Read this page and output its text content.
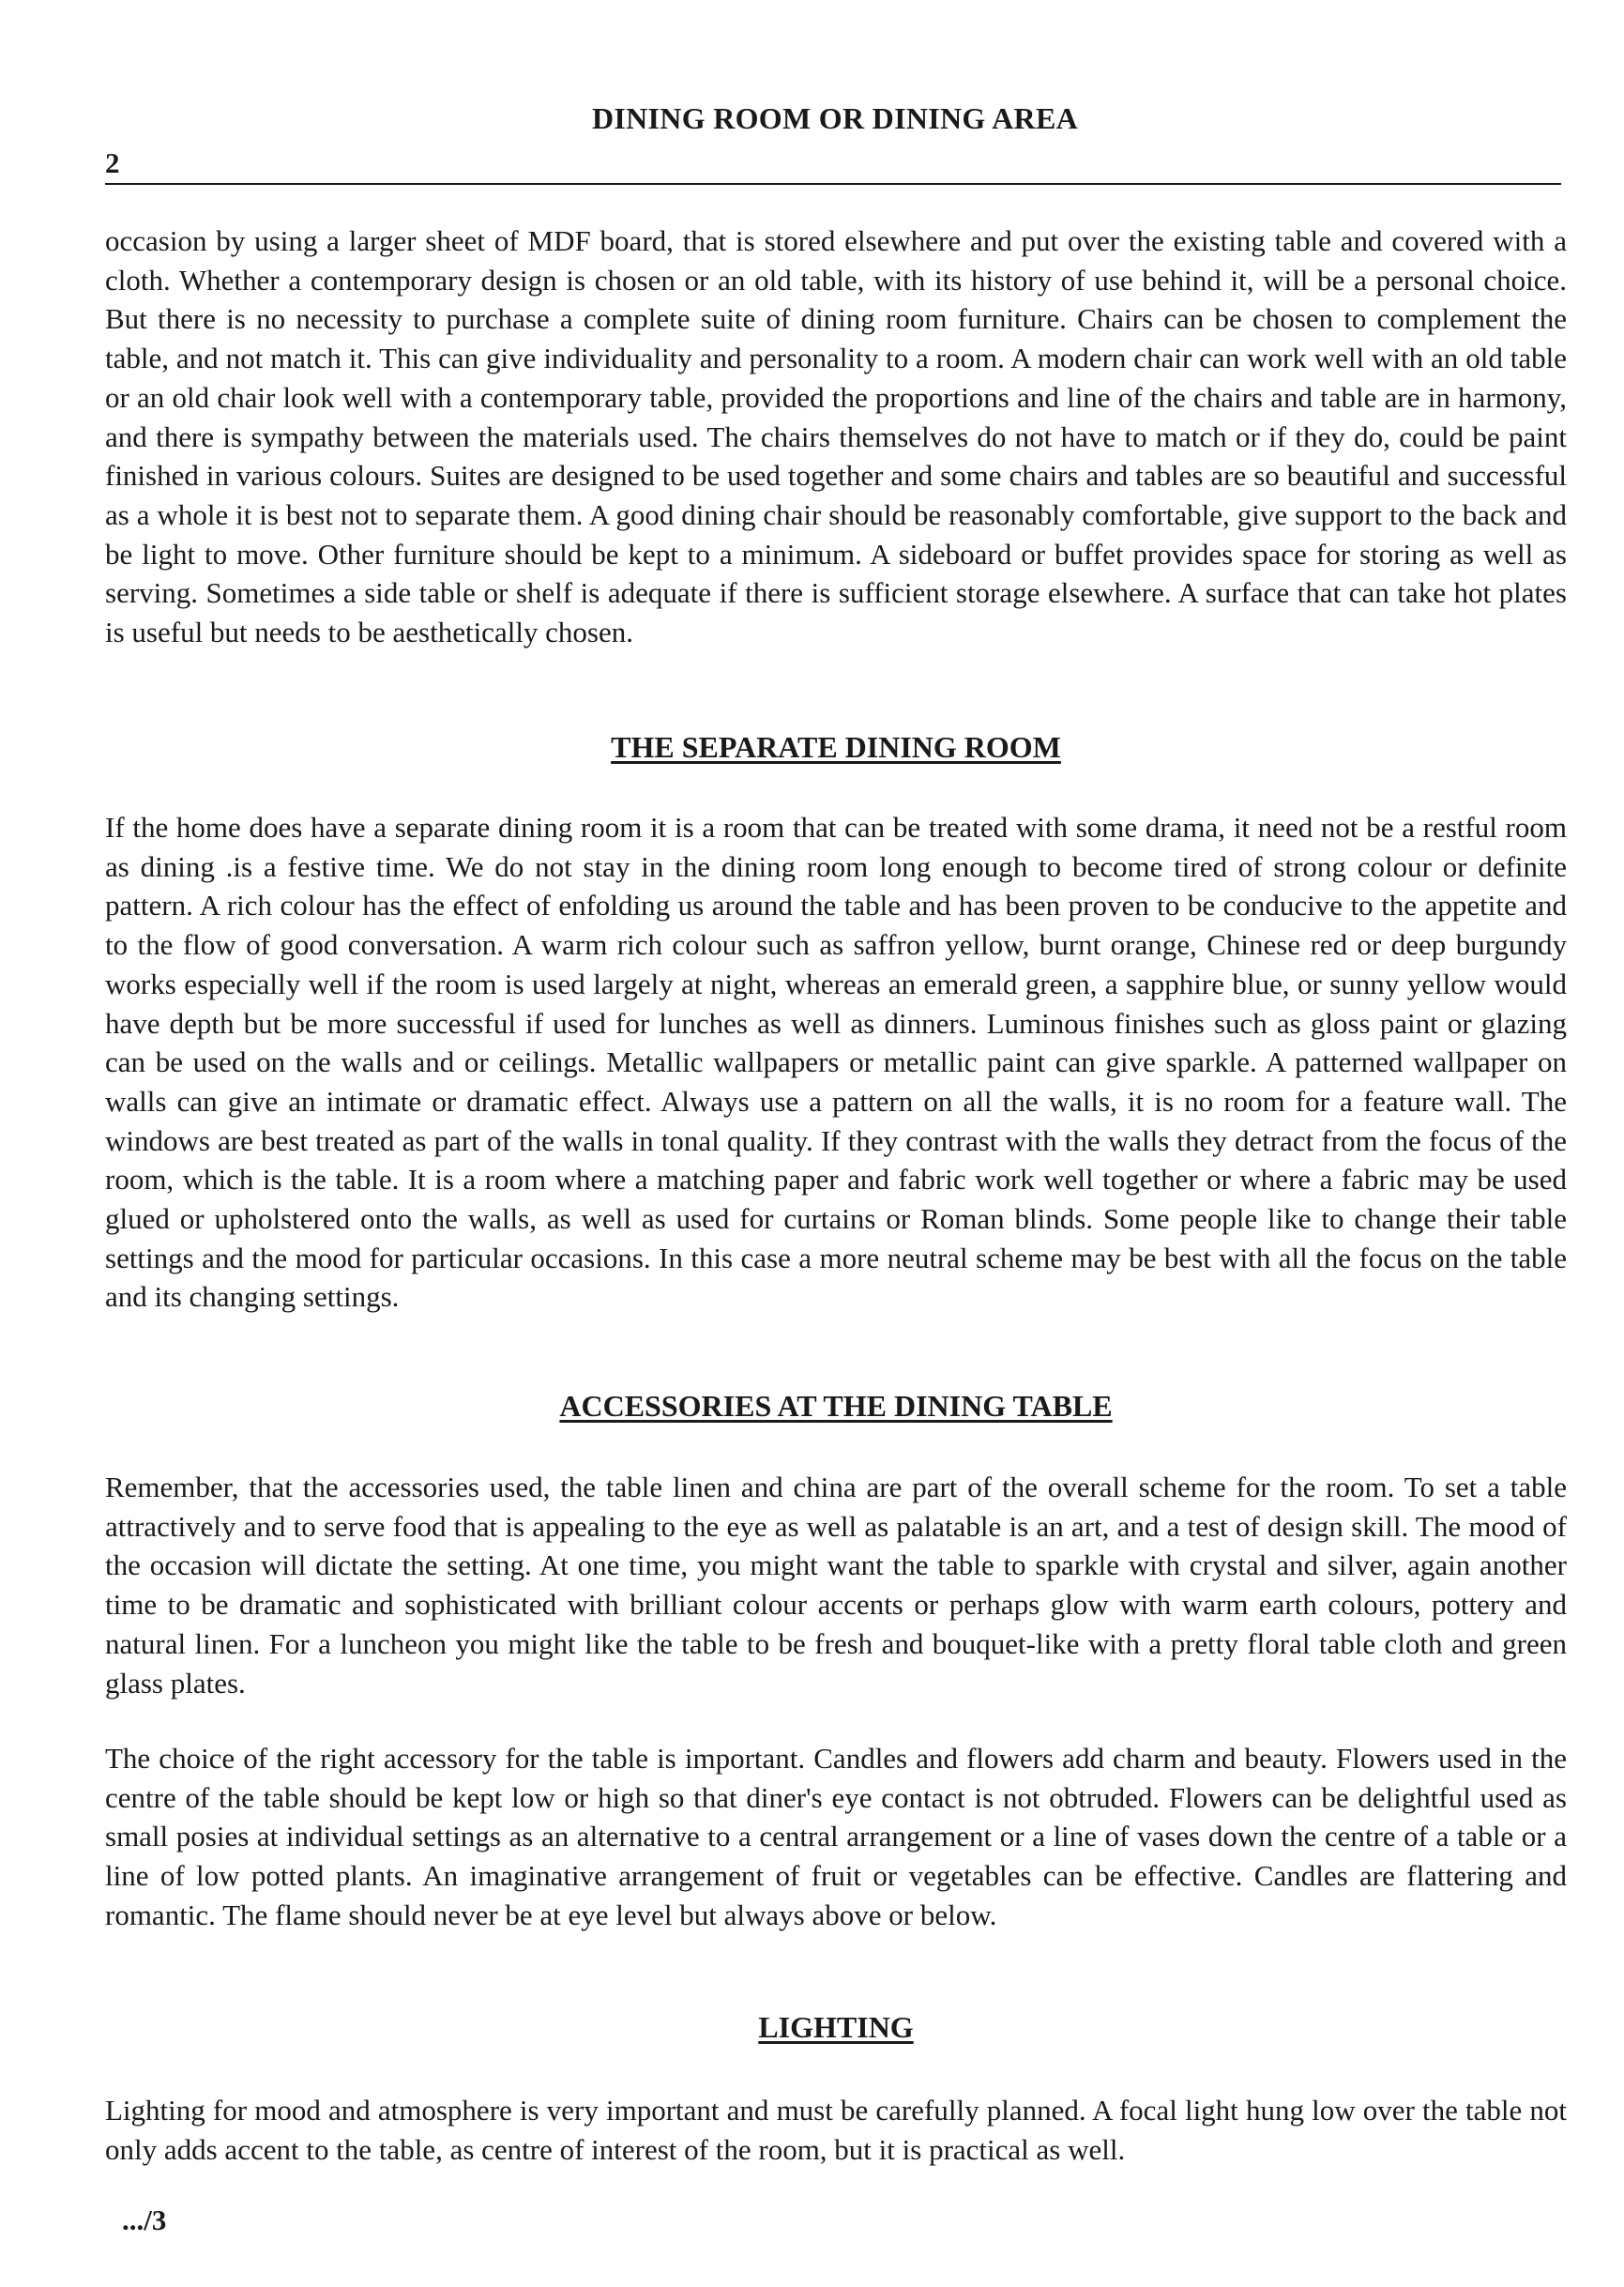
DINING ROOM OR DINING AREA
2

occasion by using a larger sheet of MDF board, that is stored elsewhere and put over the existing table and covered with a cloth. Whether a contemporary design is chosen or an old table, with its history of use behind it, will be a personal choice. But there is no necessity to purchase a complete suite of dining room furniture. Chairs can be chosen to complement the table, and not match it. This can give individuality and personality to a room. A modern chair can work well with an old table or an old chair look well with a contemporary table, provided the proportions and line of the chairs and table are in harmony, and there is sympathy between the materials used. The chairs themselves do not have to match or if they do, could be paint finished in various colours. Suites are designed to be used together and some chairs and tables are so beautiful and successful as a whole it is best not to separate them. A good dining chair should be reasonably comfortable, give support to the back and be light to move. Other furniture should be kept to a minimum. A sideboard or buffet provides space for storing as well as serving. Sometimes a side table or shelf is adequate if there is sufficient storage elsewhere. A surface that can take hot plates is useful but needs to be aesthetically chosen.

THE SEPARATE DINING ROOM

If the home does have a separate dining room it is a room that can be treated with some drama, it need not be a restful room as dining .is a festive time. We do not stay in the dining room long enough to become tired of strong colour or definite pattern. A rich colour has the effect of enfolding us around the table and has been proven to be conducive to the appetite and to the flow of good conversation. A warm rich colour such as saffron yellow, burnt orange, Chinese red or deep burgundy works especially well if the room is used largely at night, whereas an emerald green, a sapphire blue, or sunny yellow would have depth but be more successful if used for lunches as well as dinners. Luminous finishes such as gloss paint or glazing can be used on the walls and or ceilings. Metallic wallpapers or metallic paint can give sparkle. A patterned wallpaper on walls can give an intimate or dramatic effect. Always use a pattern on all the walls, it is no room for a feature wall. The windows are best treated as part of the walls in tonal quality. If they contrast with the walls they detract from the focus of the room, which is the table. It is a room where a matching paper and fabric work well together or where a fabric may be used glued or upholstered onto the walls, as well as used for curtains or Roman blinds. Some people like to change their table settings and the mood for particular occasions. In this case a more neutral scheme may be best with all the focus on the table and its changing settings.

ACCESSORIES AT THE DINING TABLE

Remember, that the accessories used, the table linen and china are part of the overall scheme for the room. To set a table attractively and to serve food that is appealing to the eye as well as palatable is an art, and a test of design skill. The mood of the occasion will dictate the setting. At one time, you might want the table to sparkle with crystal and silver, again another time to be dramatic and sophisticated with brilliant colour accents or perhaps glow with warm earth colours, pottery and natural linen. For a luncheon you might like the table to be fresh and bouquet-like with a pretty floral table cloth and green glass plates.

The choice of the right accessory for the table is important. Candles and flowers add charm and beauty. Flowers used in the centre of the table should be kept low or high so that diner's eye contact is not obtruded. Flowers can be delightful used as small posies at individual settings as an alternative to a central arrangement or a line of vases down the centre of a table or a line of low potted plants. An imaginative arrangement of fruit or vegetables can be effective. Candles are flattering and romantic. The flame should never be at eye level but always above or below.

LIGHTING

Lighting for mood and atmosphere is very important and must be carefully planned. A focal light hung low over the table not only adds accent to the table, as centre of interest of the room, but it is practical as well.

.../3
